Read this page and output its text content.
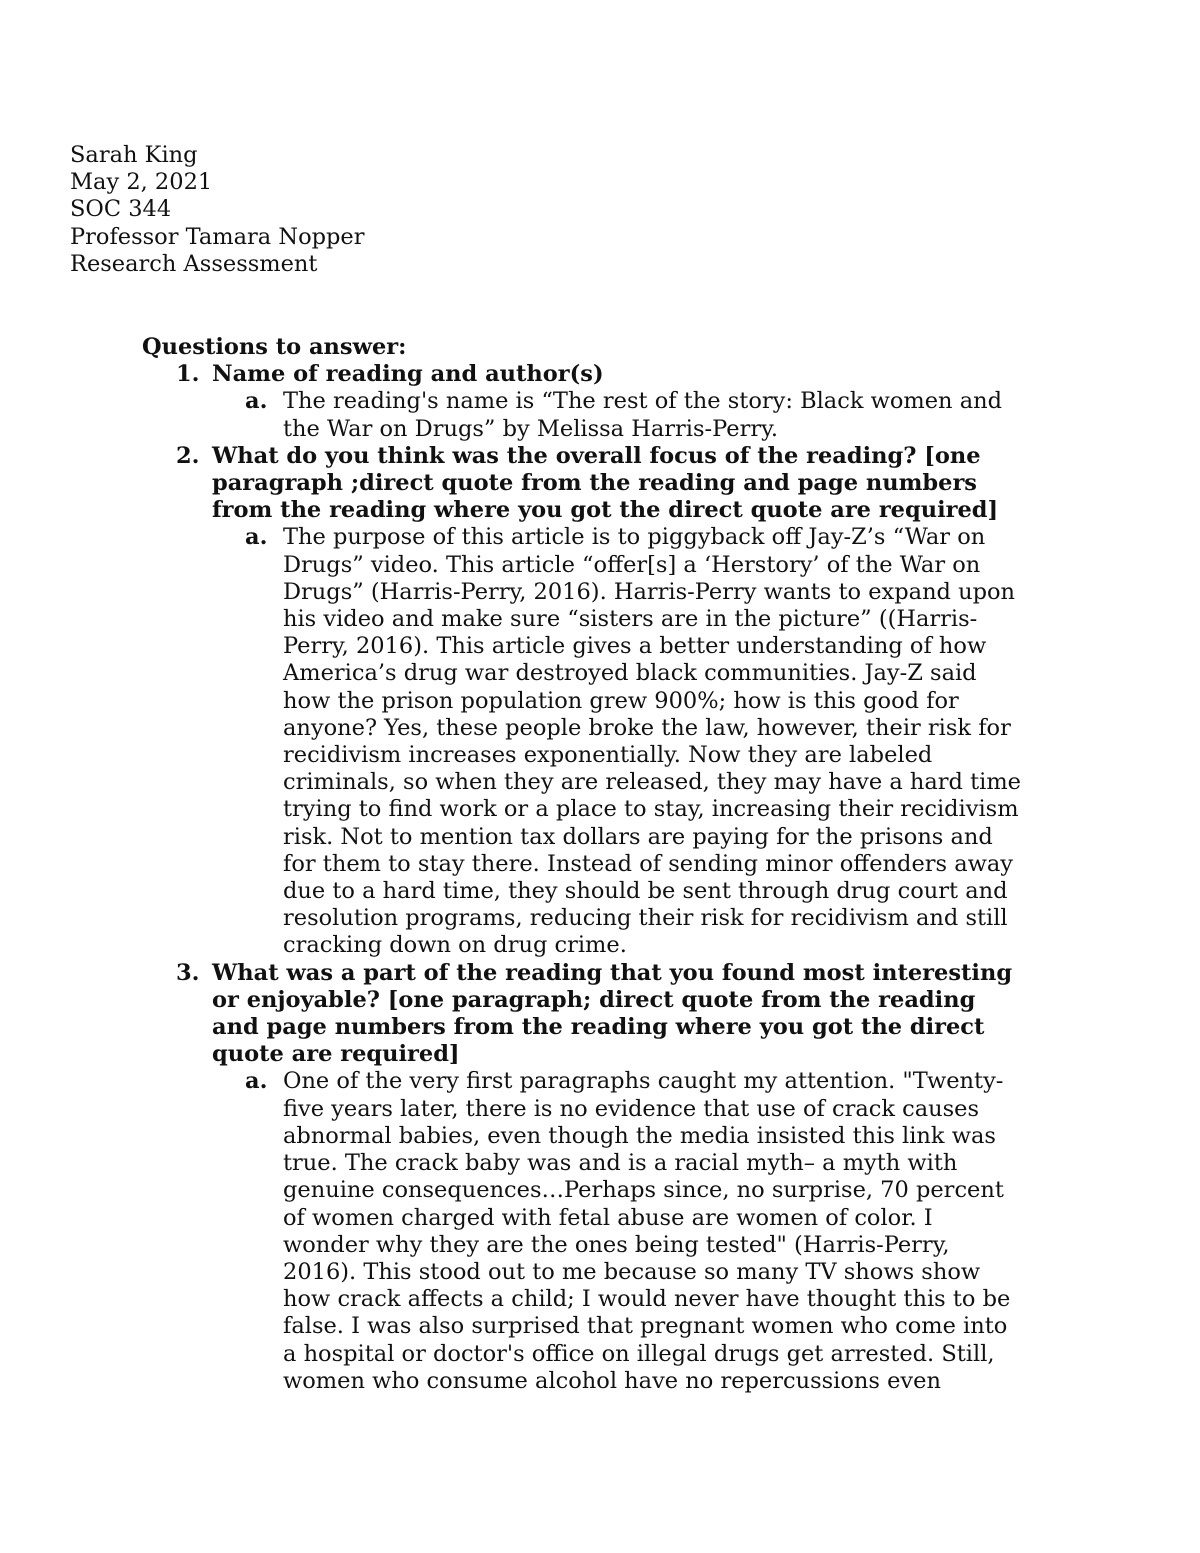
Sarah King
May 2, 2021
SOC 344
Professor Tamara Nopper
Research Assessment
Questions to answer:
1. Name of reading and author(s)
a. The reading's name is “The rest of the story: Black women and
the War on Drugs” by Melissa Harris-Perry.
2. What do you think was the overall focus of the reading? [one
paragraph ;direct quote from the reading and page numbers
from the reading where you got the direct quote are required]
a. The purpose of this article is to piggyback off Jay-Z’s “War on
Drugs” video. This article “offer[s] a ‘Herstory’ of the War on
Drugs” (Harris-Perry, 2016). Harris-Perry wants to expand upon
his video and make sure “sisters are in the picture” ((Harris-
Perry, 2016). This article gives a better understanding of how
America’s drug war destroyed black communities. Jay-Z said
how the prison population grew 900%; how is this good for
anyone? Yes, these people broke the law, however, their risk for
recidivism increases exponentially. Now they are labeled
criminals, so when they are released, they may have a hard time
trying to find work or a place to stay, increasing their recidivism
risk. Not to mention tax dollars are paying for the prisons and
for them to stay there. Instead of sending minor offenders away
due to a hard time, they should be sent through drug court and
resolution programs, reducing their risk for recidivism and still
cracking down on drug crime.
3. What was a part of the reading that you found most interesting
or enjoyable? [one paragraph; direct quote from the reading
and page numbers from the reading where you got the direct
quote are required]
a. One of the very first paragraphs caught my attention. "Twenty-
five years later, there is no evidence that use of crack causes
abnormal babies, even though the media insisted this link was
true. The crack baby was and is a racial myth– a myth with
genuine consequences…Perhaps since, no surprise, 70 percent
of women charged with fetal abuse are women of color. I
wonder why they are the ones being tested" (Harris-Perry,
2016). This stood out to me because so many TV shows show
how crack affects a child; I would never have thought this to be
false. I was also surprised that pregnant women who come into
a hospital or doctor's office on illegal drugs get arrested. Still,
women who consume alcohol have no repercussions even
